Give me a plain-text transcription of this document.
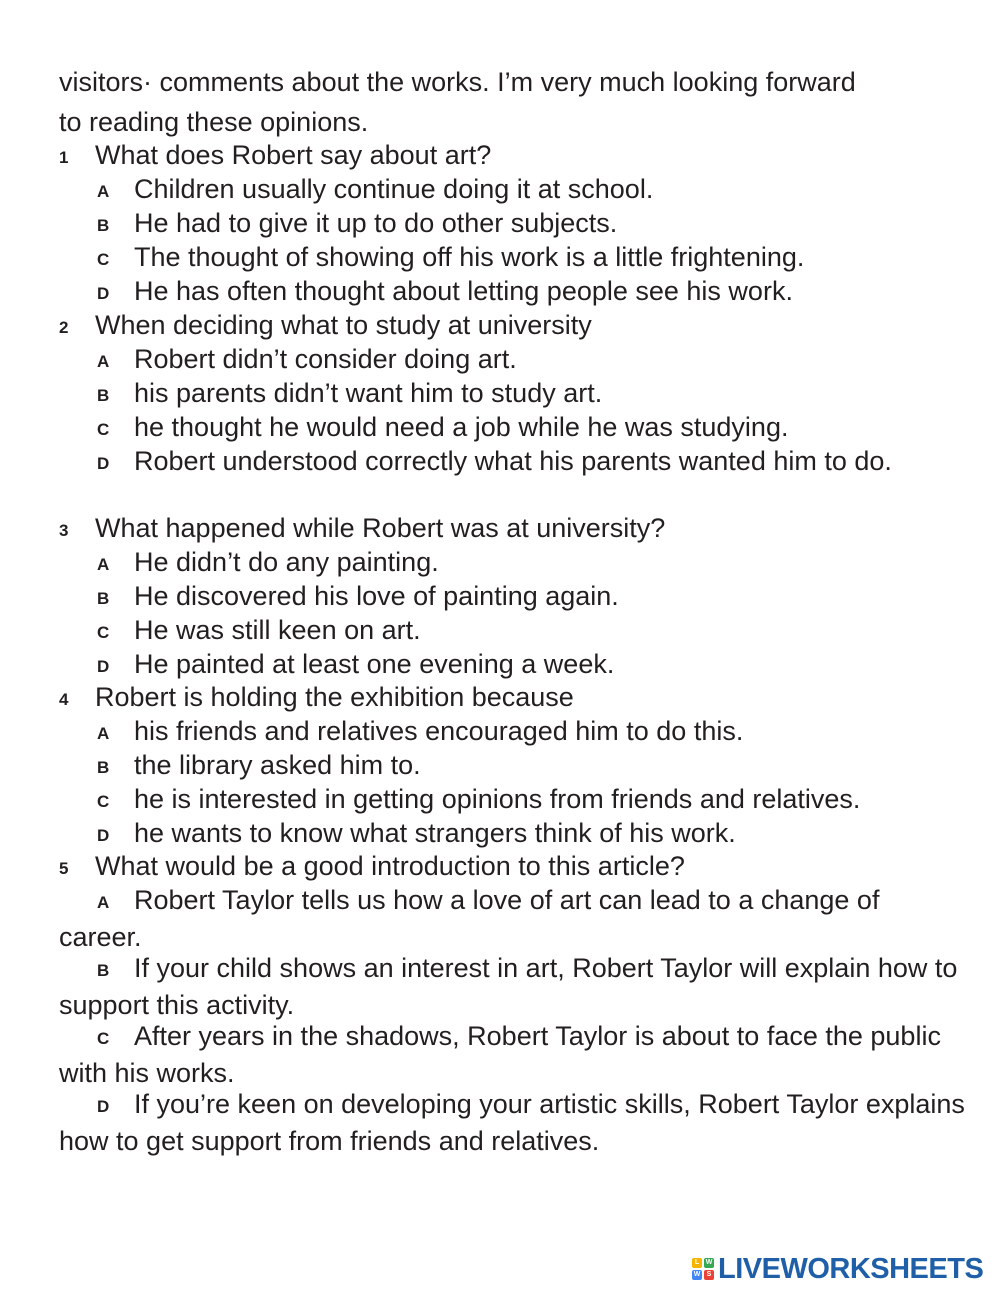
visitors· comments about the works. I’m very much looking forward
to reading these opinions.
1 What does Robert say about art?
A Children usually continue doing it at school.
B He had to give it up to do other subjects.
C The thought of showing off his work is a little frightening.
D He has often thought about letting people see his work.
2 When deciding what to study at university
A Robert didn’t consider doing art.
B his parents didn’t want him to study art.
C he thought he would need a job while he was studying.
D Robert understood correctly what his parents wanted him to do.
3 What happened while Robert was at university?
A He didn’t do any painting.
B He discovered his love of painting again.
C He was still keen on art.
D He painted at least one evening a week.
4 Robert is holding the exhibition because
A his friends and relatives encouraged him to do this.
B the library asked him to.
C he is interested in getting opinions from friends and relatives.
D he wants to know what strangers think of his work.
5 What would be a good introduction to this article?
A Robert Taylor tells us how a love of art can lead to a change of career.
B If your child shows an interest in art, Robert Taylor will explain how to support this activity.
C After years in the shadows, Robert Taylor is about to face the public with his works.
D If you’re keen on developing your artistic skills, Robert Taylor explains how to get support from friends and relatives.
L W
W S LIVEWORKSHEETS
